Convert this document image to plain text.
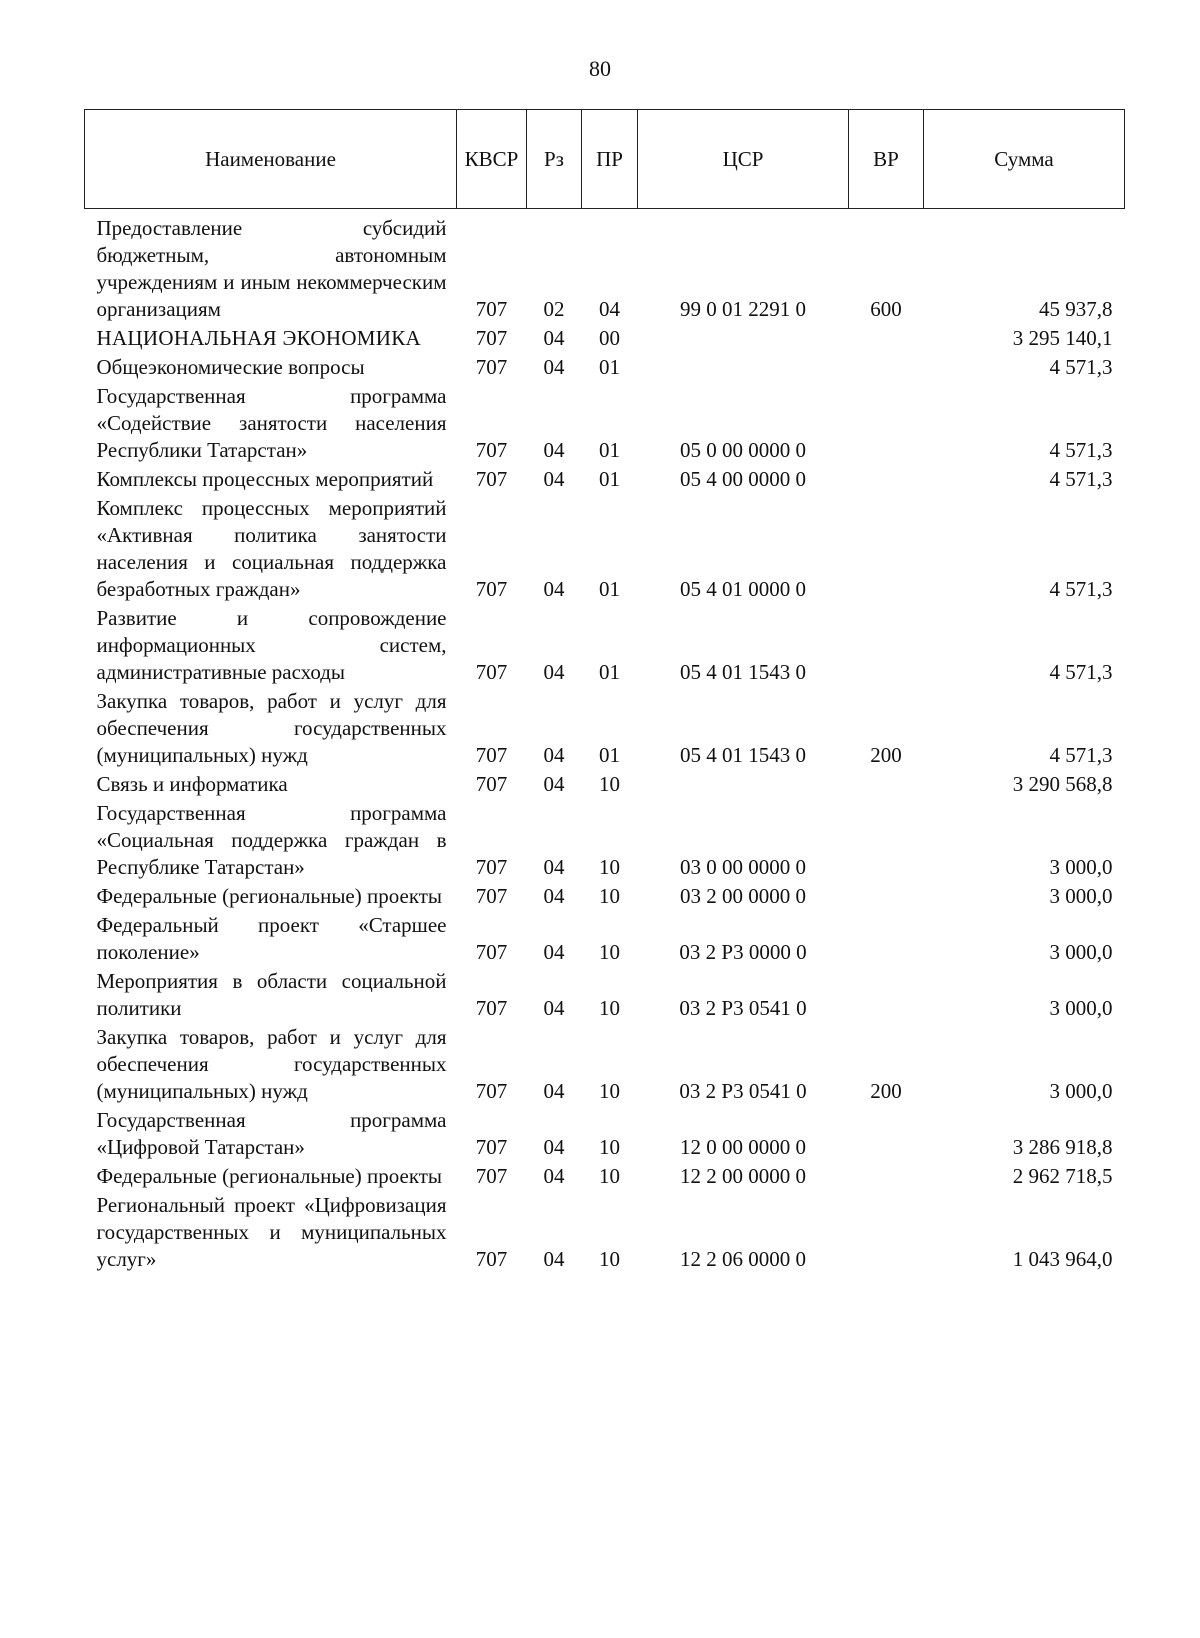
80
Наименование	КВСР	Рз	ПР	ЦСР	ВР	Сумма
Предоставление субсидий бюджетным, автономным учреждениям и иным некоммерческим организациям	707	02	04	99 0 01 2291 0	600	45 937,8
НАЦИОНАЛЬНАЯ ЭКОНОМИКА	707	04	00			3 295 140,1
Общеэкономические вопросы	707	04	01			4 571,3
Государственная программа «Содействие занятости населения Республики Татарстан»	707	04	01	05 0 00 0000 0		4 571,3
Комплексы процессных мероприятий	707	04	01	05 4 00 0000 0		4 571,3
Комплекс процессных мероприятий «Активная политика занятости населения и социальная поддержка безработных граждан»	707	04	01	05 4 01 0000 0		4 571,3
Развитие и сопровождение информационных систем, административные расходы	707	04	01	05 4 01 1543 0		4 571,3
Закупка товаров, работ и услуг для обеспечения государственных (муниципальных) нужд	707	04	01	05 4 01 1543 0	200	4 571,3
Связь и информатика	707	04	10			3 290 568,8
Государственная программа «Социальная поддержка граждан в Республике Татарстан»	707	04	10	03 0 00 0000 0		3 000,0
Федеральные (региональные) проекты	707	04	10	03 2 00 0000 0		3 000,0
Федеральный проект «Старшее поколение»	707	04	10	03 2 P3 0000 0		3 000,0
Мероприятия в области социальной политики	707	04	10	03 2 P3 0541 0		3 000,0
Закупка товаров, работ и услуг для обеспечения государственных (муниципальных) нужд	707	04	10	03 2 P3 0541 0	200	3 000,0
Государственная программа «Цифровой Татарстан»	707	04	10	12 0 00 0000 0		3 286 918,8
Федеральные (региональные) проекты	707	04	10	12 2 00 0000 0		2 962 718,5
Региональный проект «Цифровизация государственных и муниципальных услуг»	707	04	10	12 2 06 0000 0		1 043 964,0
